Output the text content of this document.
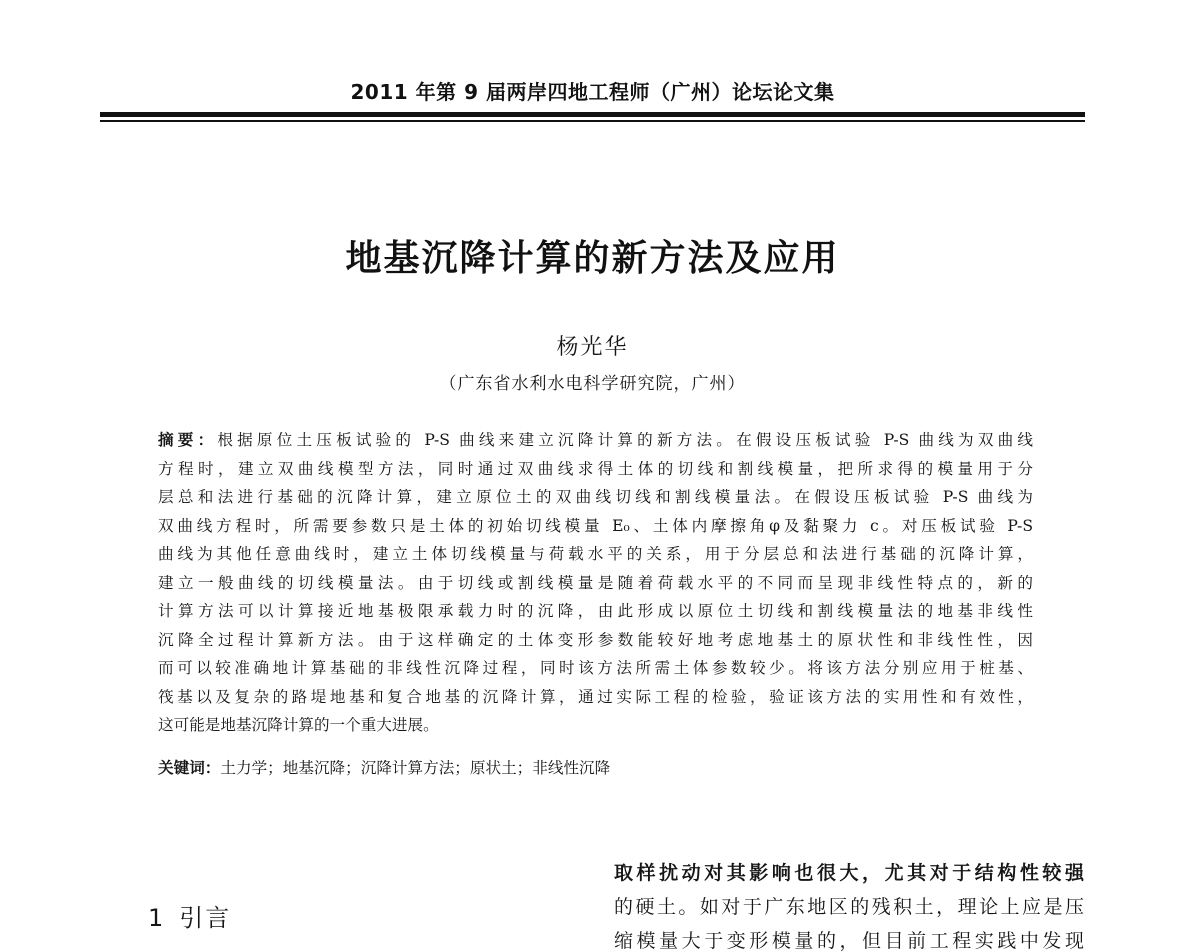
2011 年第 9 届两岸四地工程师（广州）论坛论文集
地基沉降计算的新方法及应用
杨光华
（广东省水利水电科学研究院，广州）
摘要：根据原位土压板试验的 P-S 曲线来建立沉降计算的新方法。在假设压板试验 P-S 曲线为双曲线
方程时，建立双曲线模型方法，同时通过双曲线求得土体的切线和割线模量，把所求得的模量用于分
层总和法进行基础的沉降计算，建立原位土的双曲线切线和割线模量法。在假设压板试验 P-S 曲线为
双曲线方程时，所需要参数只是土体的初始切线模量 E₀、土体内摩擦角φ及黏聚力 c。对压板试验 P-S
曲线为其他任意曲线时，建立土体切线模量与荷载水平的关系，用于分层总和法进行基础的沉降计算，
建立一般曲线的切线模量法。由于切线或割线模量是随着荷载水平的不同而呈现非线性特点的，新的
计算方法可以计算接近地基极限承载力时的沉降，由此形成以原位土切线和割线模量法的地基非线性
沉降全过程计算新方法。由于这样确定的土体变形参数能较好地考虑地基土的原状性和非线性性，因
而可以较准确地计算基础的非线性沉降过程，同时该方法所需土体参数较少。将该方法分别应用于桩基、
筏基以及复杂的路堤地基和复合地基的沉降计算，通过实际工程的检验，验证该方法的实用性和有效性，
这可能是地基沉降计算的一个重大进展。
关键词：土力学；地基沉降；沉降计算方法；原状土；非线性沉降
1 引言
取样扰动对其影响也很大，尤其对于结构性较强
的硬土。如对于广东地区的残积土，理论上应是压
缩模量大于变形模量的，但目前工程实践中发现
